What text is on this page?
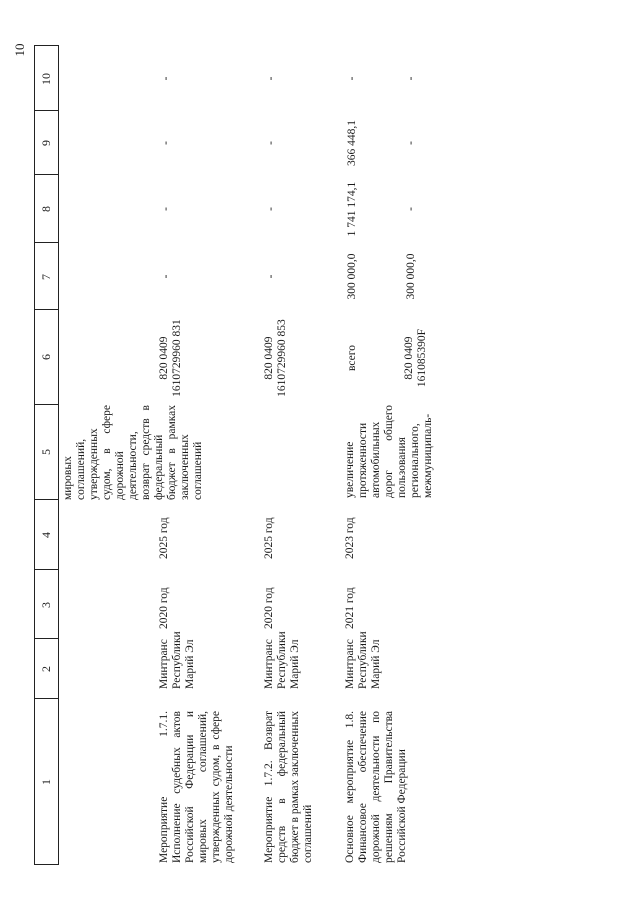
10
1
2
3
4
5
6
7
8
9
10
мировых соглашений, утвержденных судом, в сфере дорожной деятельности, возврат средств в федеральный бюджет в рамках заключенных соглашений
Мероприятие 1.7.1. Исполнение судебных актов Российской Федерации и мировых соглашений, утвержденных судом, в сфере дорожной деятельности
Минтранс Республики Марий Эл
2020 год
2025 год
820 0409 1610729960 831
-
-
-
-
Мероприятие 1.7.2. Возврат средств в федеральный бюджет в рамках заключенных соглашений
Минтранс Республики Марий Эл
2020 год
2025 год
820 0409 1610729960 853
-
-
-
-
Основное мероприятие 1.8. Финансовое обеспечение дорожной деятельности по решениям Правительства Российской Федерации
Минтранс Республики Марий Эл
2021 год
2023 год
увеличение протяженности автомобильных дорог общего пользования регионального, межмуниципаль-
всего
300 000,0
1 741 174,1
366 448,1
-
820 0409 161085390F
300 000,0
-
-
-
